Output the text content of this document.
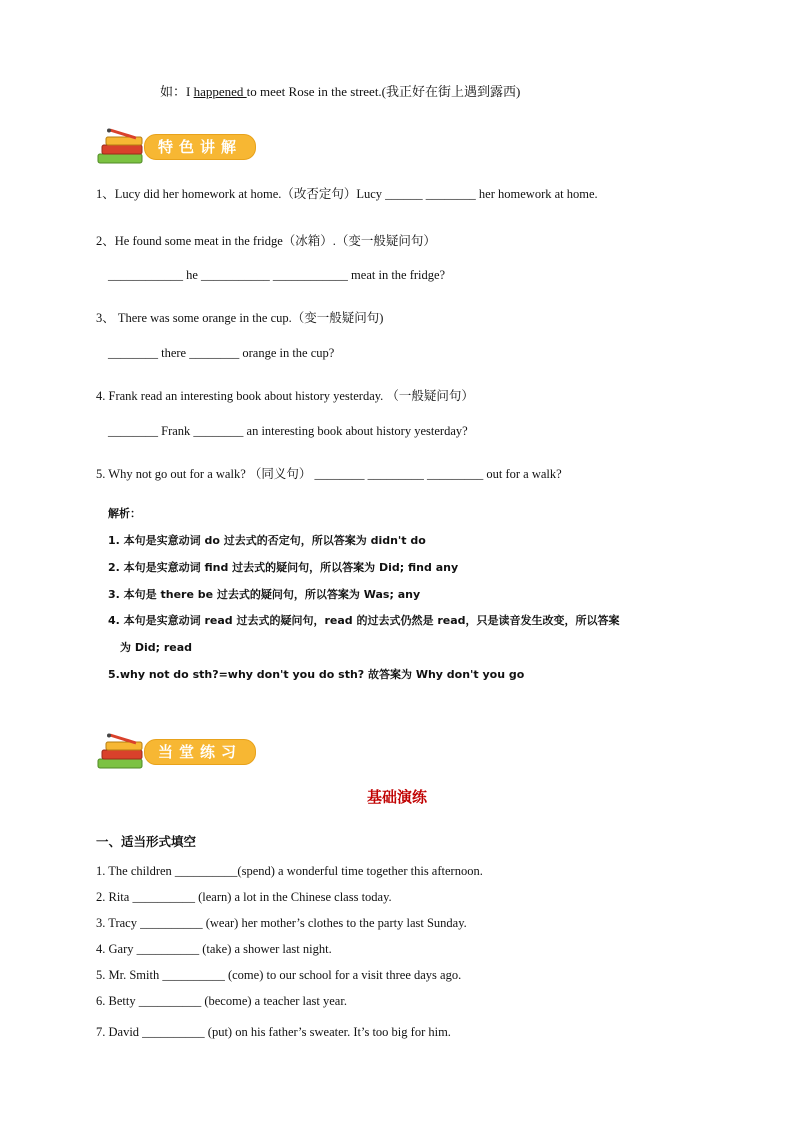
如：I happened to meet Rose in the street.(我正好在街上遇到露西)
特色讲解
1、Lucy did her homework at home.（改否定句）Lucy ______ ________ her homework at home.
2、He found some meat in the fridge（冰箱）.（变一般疑问句）
____________ he ___________ ____________ meat in the fridge?
3、 There was some orange in the cup.（变一般疑问句)
________ there ________ orange in the cup?
4. Frank read an interesting book about history yesterday. （一般疑问句）
________ Frank ________ an interesting book about history yesterday?
5. Why not go out for a walk? （同义句） ________ _________ _________ out for a walk?
解析：
1. 本句是实意动词 do 过去式的否定句，所以答案为 didn't do
2. 本句是实意动词 find 过去式的疑问句，所以答案为 Did; find any
3. 本句是 there be 过去式的疑问句，所以答案为 Was; any
4. 本句是实意动词 read 过去式的疑问句，read 的过去式仍然是 read，只是读音发生改变，所以答案
为 Did; read
5.why not do sth?=why don't you do sth? 故答案为 Why don't you go
当堂练习
基础演练
一、适当形式填空
1. The children __________(spend) a wonderful time together this afternoon.
2. Rita __________ (learn) a lot in the Chinese class today.
3. Tracy __________ (wear) her mother’s clothes to the party last Sunday.
4. Gary __________ (take) a shower last night.
5. Mr. Smith __________ (come) to our school for a visit three days ago.
6. Betty __________ (become) a teacher last year.
7. David __________ (put) on his father’s sweater. It’s too big for him.
